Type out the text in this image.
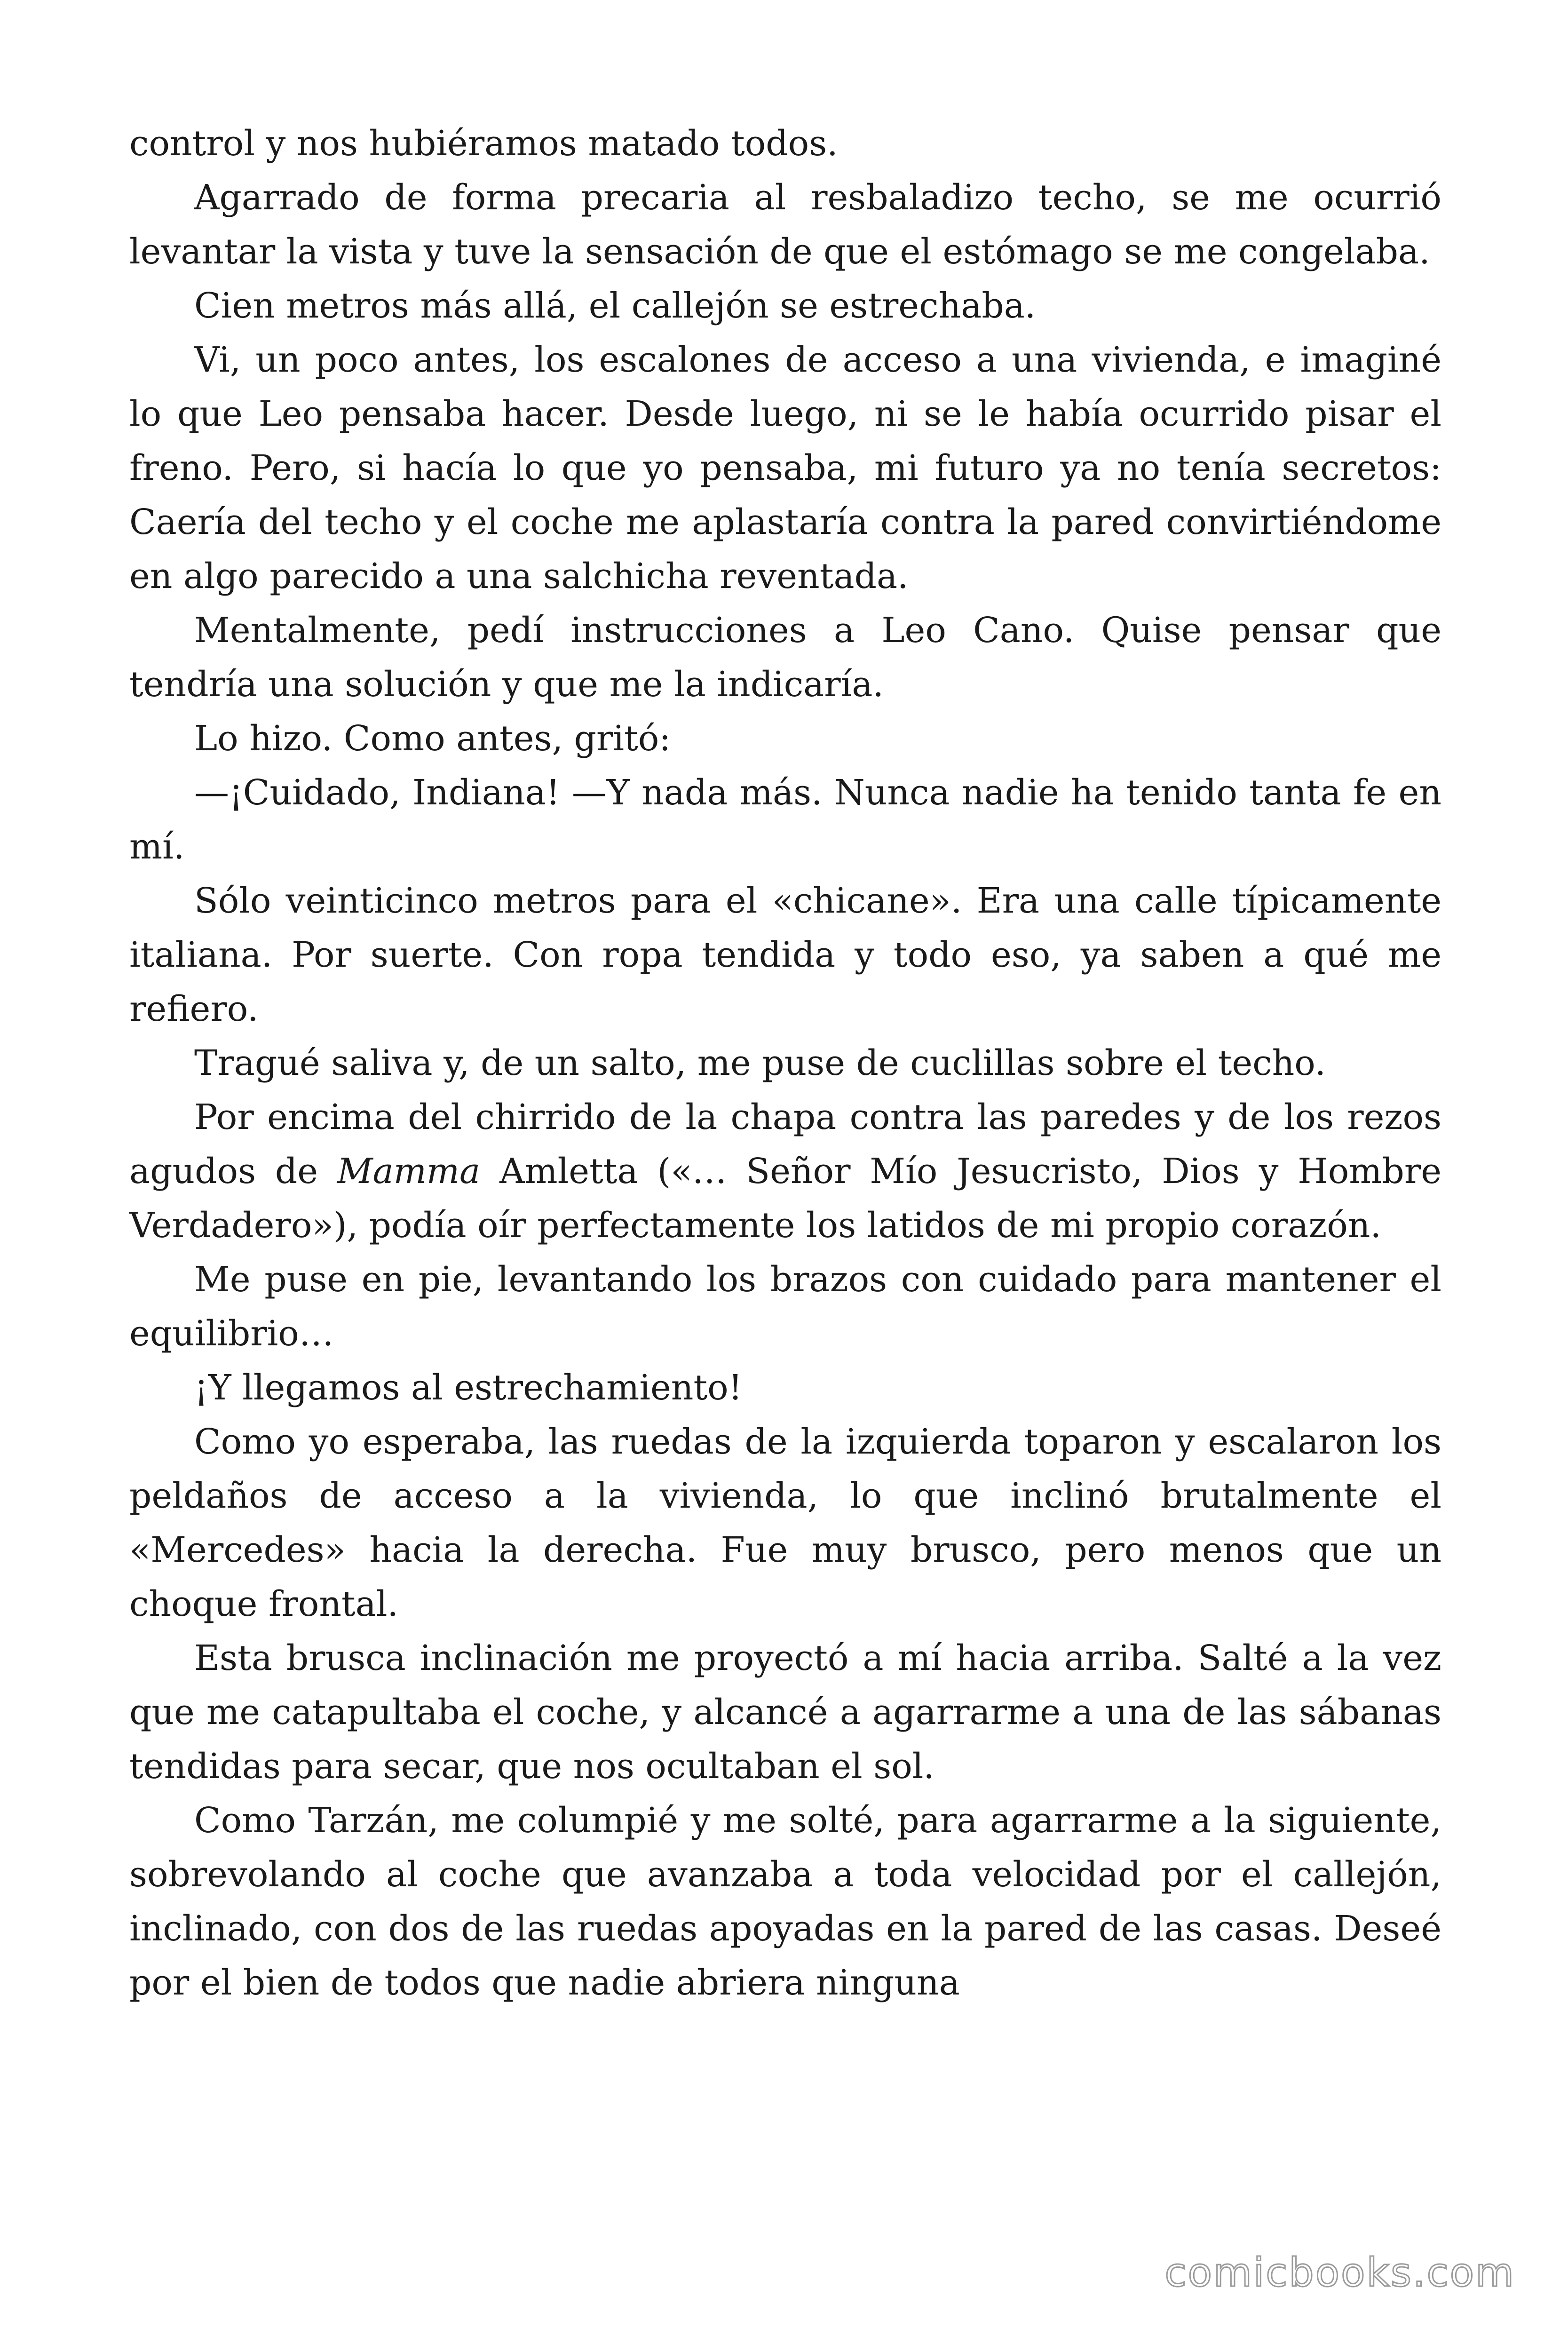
control y nos hubiéramos matado todos.

Agarrado de forma precaria al resbaladizo techo, se me ocurrió levantar la vista y tuve la sensación de que el estómago se me congelaba.

Cien metros más allá, el callejón se estrechaba.

Vi, un poco antes, los escalones de acceso a una vivienda, e imaginé lo que Leo pensaba hacer. Desde luego, ni se le había ocurrido pisar el freno. Pero, si hacía lo que yo pensaba, mi futuro ya no tenía secretos: Caería del techo y el coche me aplastaría contra la pared convirtiéndome en algo parecido a una salchicha reventada.

Mentalmente, pedí instrucciones a Leo Cano. Quise pensar que tendría una solución y que me la indicaría.

Lo hizo. Como antes, gritó:

—¡Cuidado, Indiana! —Y nada más. Nunca nadie ha tenido tanta fe en mí.

Sólo veinticinco metros para el «chicane». Era una calle típicamente italiana. Por suerte. Con ropa tendida y todo eso, ya saben a qué me refiero.

Tragué saliva y, de un salto, me puse de cuclillas sobre el techo.

Por encima del chirrido de la chapa contra las paredes y de los rezos agudos de Mamma Amletta («… Señor Mío Jesucristo, Dios y Hombre Verdadero»), podía oír perfectamente los latidos de mi propio corazón.

Me puse en pie, levantando los brazos con cuidado para mantener el equilibrio…

¡Y llegamos al estrechamiento!

Como yo esperaba, las ruedas de la izquierda toparon y escalaron los peldaños de acceso a la vivienda, lo que inclinó brutalmente el «Mercedes» hacia la derecha. Fue muy brusco, pero menos que un choque frontal.

Esta brusca inclinación me proyectó a mí hacia arriba. Salté a la vez que me catapultaba el coche, y alcancé a agarrarme a una de las sábanas tendidas para secar, que nos ocultaban el sol.

Como Tarzán, me columpié y me solté, para agarrarme a la siguiente, sobrevolando al coche que avanzaba a toda velocidad por el callejón, inclinado, con dos de las ruedas apoyadas en la pared de las casas. Deseé por el bien de todos que nadie abriera ninguna

comicbooks.com
